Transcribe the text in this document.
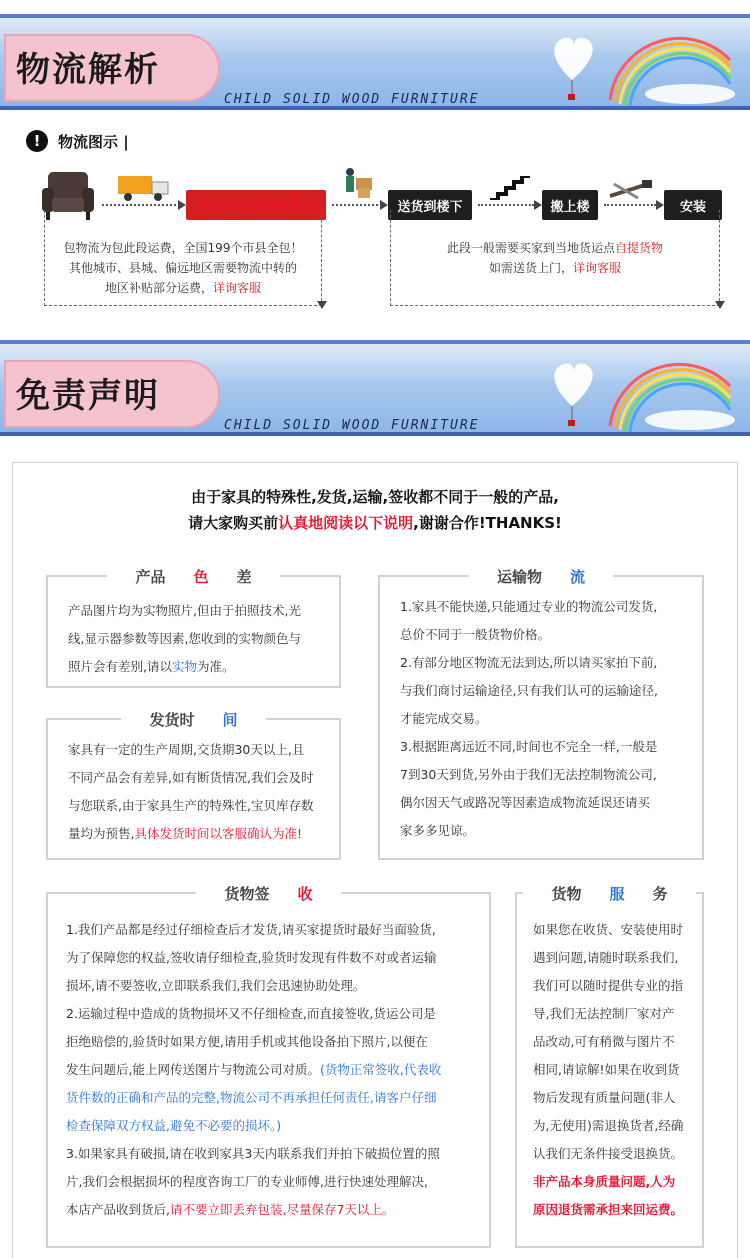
物流解析
CHILD SOLID WOOD FURNITURE
!	物流图示 |
买家所在市区物流点	送货到楼下	搬上楼	安装
包物流为包此段运费，全国199个市县全包！
其他城市、县城、偏远地区需要物流中转的
地区补贴部分运费，详询客服
此段一般需要买家到当地货运点自提货物
如需送货上门，详询客服
免责声明
CHILD SOLID WOOD FURNITURE
由于家具的特殊性,发货,运输,签收都不同于一般的产品,
请大家购买前认真地阅读以下说明,谢谢合作!THANKS!
产品 色 差
产品图片均为实物照片,但由于拍照技术,光
线,显示器参数等因素,您收到的实物颜色与
照片会有差别,请以实物为准。
发货时 间
家具有一定的生产周期,交货期30天以上,且
不同产品会有差异,如有断货情况,我们会及时
与您联系,由于家具生产的特殊性,宝贝库存数
量均为预售,具体发货时间以客服确认为准!
运输物 流
1.家具不能快递,只能通过专业的物流公司发货,
总价不同于一般货物价格。
2.有部分地区物流无法到达,所以请买家拍下前,
与我们商讨运输途径,只有我们认可的运输途径,
才能完成交易。
3.根据距离远近不同,时间也不完全一样,一般是
7到30天到货,另外由于我们无法控制物流公司,
偶尔因天气或路况等因素造成物流延误还请买
家多多见谅。
货物签 收
1.我们产品都是经过仔细检查后才发货,请买家提货时最好当面验货,
为了保障您的权益,签收请仔细检查,验货时发现有件数不对或者运输
损坏,请不要签收,立即联系我们,我们会迅速协助处理。
2.运输过程中造成的货物损坏又不仔细检查,而直接签收,货运公司是
拒绝赔偿的,验货时如果方便,请用手机或其他设备拍下照片,以便在
发生问题后,能上网传送图片与物流公司对质。(货物正常签收,代表收
货件数的正确和产品的完整,物流公司不再承担任何责任,请客户仔细
检查保障双方权益,避免不必要的损坏。)
3.如果家具有破损,请在收到家具3天内联系我们并拍下破损位置的照
片,我们会根据损坏的程度咨询工厂的专业师傅,进行快速处理解决,
本店产品收到货后,请不要立即丢弃包装,尽量保存7天以上。
货物 服 务
如果您在收货、安装使用时
遇到问题,请随时联系我们,
我们可以随时提供专业的指
导,我们无法控制厂家对产
品改动,可有稍微与图片不
相同,请谅解!如果在收到货
物后发现有质量问题(非人
为,无使用)需退换货者,经确
认我们无条件接受退换货。
非产品本身质量问题,人为
原因退货需承担来回运费。
